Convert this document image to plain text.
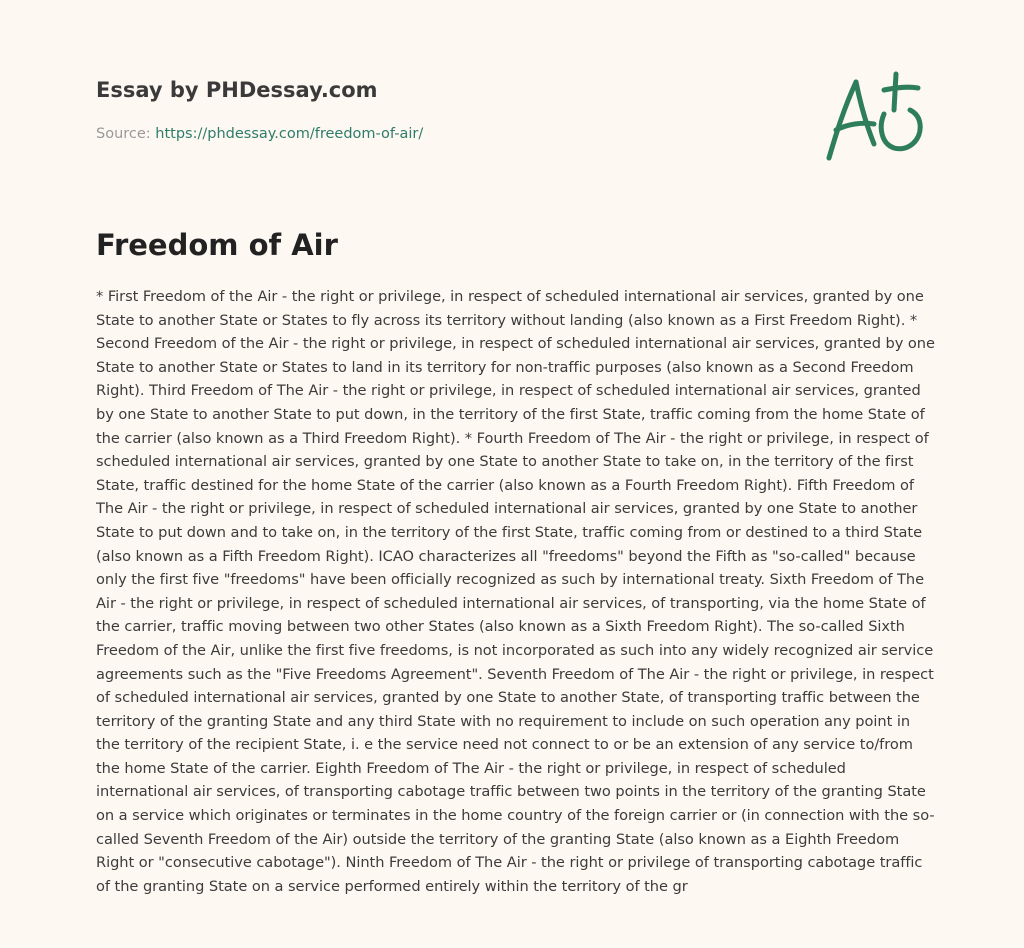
Essay by PHDessay.com

Source: https://phdessay.com/freedom-of-air/
Freedom of Air

* First Freedom of the Air - the right or privilege, in respect of scheduled international air services, granted by one State to another State or States to fly across its territory without landing (also known as a First Freedom Right). * Second Freedom of the Air - the right or privilege, in respect of scheduled international air services, granted by one State to another State or States to land in its territory for non-traffic purposes (also known as a Second Freedom Right). Third Freedom of The Air - the right or privilege, in respect of scheduled international air services, granted by one State to another State to put down, in the territory of the first State, traffic coming from the home State of the carrier (also known as a Third Freedom Right). * Fourth Freedom of The Air - the right or privilege, in respect of scheduled international air services, granted by one State to another State to take on, in the territory of the first State, traffic destined for the home State of the carrier (also known as a Fourth Freedom Right). Fifth Freedom of The Air - the right or privilege, in respect of scheduled international air services, granted by one State to another State to put down and to take on, in the territory of the first State, traffic coming from or destined to a third State (also known as a Fifth Freedom Right). ICAO characterizes all "freedoms" beyond the Fifth as "so-called" because only the first five "freedoms" have been officially recognized as such by international treaty. Sixth Freedom of The Air - the right or privilege, in respect of scheduled international air services, of transporting, via the home State of the carrier, traffic moving between two other States (also known as a Sixth Freedom Right). The so-called Sixth Freedom of the Air, unlike the first five freedoms, is not incorporated as such into any widely recognized air service agreements such as the "Five Freedoms Agreement". Seventh Freedom of The Air - the right or privilege, in respect of scheduled international air services, granted by one State to another State, of transporting traffic between the territory of the granting State and any third State with no requirement to include on such operation any point in the territory of the recipient State, i. e the service need not connect to or be an extension of any service to/from the home State of the carrier. Eighth Freedom of The Air - the right or privilege, in respect of scheduled international air services, of transporting cabotage traffic between two points in the territory of the granting State on a service which originates or terminates in the home country of the foreign carrier or (in connection with the so-called Seventh Freedom of the Air) outside the territory of the granting State (also known as a Eighth Freedom Right or "consecutive cabotage"). Ninth Freedom of The Air - the right or privilege of transporting cabotage traffic of the granting State on a service performed entirely within the territory of the gr
